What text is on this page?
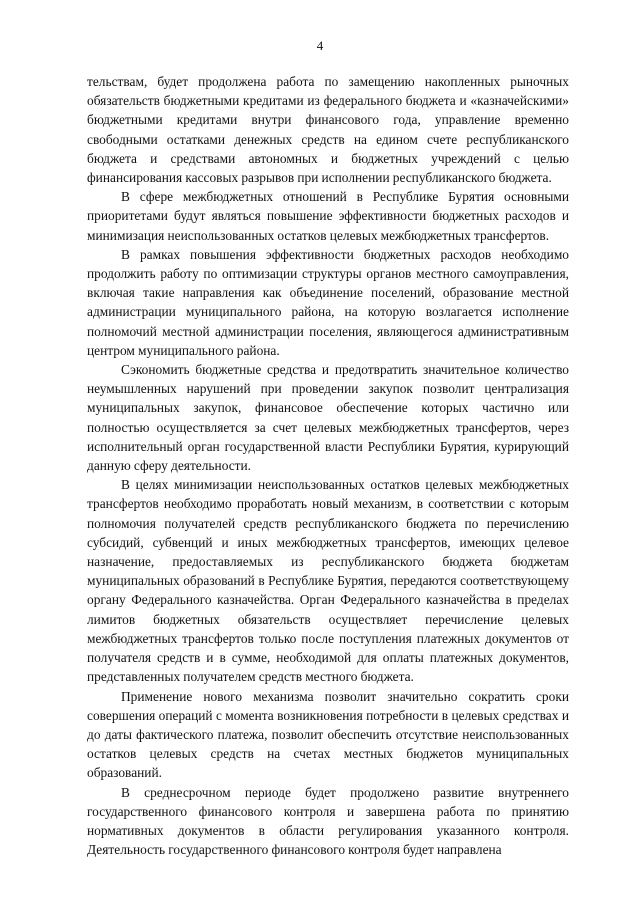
4

тельствам, будет продолжена работа по замещению накопленных рыночных обязательств бюджетными кредитами из федерального бюджета и «казначейскими» бюджетными кредитами внутри финансового года, управление временно свободными остатками денежных средств на едином счете республиканского бюджета и средствами автономных и бюджетных учреждений с целью финансирования кассовых разрывов при исполнении республиканского бюджета.

В сфере межбюджетных отношений в Республике Бурятия основными приоритетами будут являться повышение эффективности бюджетных расходов и минимизация неиспользованных остатков целевых межбюджетных трансфертов.

В рамках повышения эффективности бюджетных расходов необходимо продолжить работу по оптимизации структуры органов местного самоуправления, включая такие направления как объединение поселений, образование местной администрации муниципального района, на которую возлагается исполнение полномочий местной администрации поселения, являющегося административным центром муниципального района.

Сэкономить бюджетные средства и предотвратить значительное количество неумышленных нарушений при проведении закупок позволит централизация муниципальных закупок, финансовое обеспечение которых частично или полностью осуществляется за счет целевых межбюджетных трансфертов, через исполнительный орган государственной власти Республики Бурятия, курирующий данную сферу деятельности.

В целях минимизации неиспользованных остатков целевых межбюджетных трансфертов необходимо проработать новый механизм, в соответствии с которым полномочия получателей средств республиканского бюджета по перечислению субсидий, субвенций и иных межбюджетных трансфертов, имеющих целевое назначение, предоставляемых из республиканского бюджета бюджетам муниципальных образований в Республике Бурятия, передаются соответствующему органу Федерального казначейства. Орган Федерального казначейства в пределах лимитов бюджетных обязательств осуществляет перечисление целевых межбюджетных трансфертов только после поступления платежных документов от получателя средств и в сумме, необходимой для оплаты платежных документов, представленных получателем средств местного бюджета.

Применение нового механизма позволит значительно сократить сроки совершения операций с момента возникновения потребности в целевых средствах и до даты фактического платежа, позволит обеспечить отсутствие неиспользованных остатков целевых средств на счетах местных бюджетов муниципальных образований.

В среднесрочном периоде будет продолжено развитие внутреннего государственного финансового контроля и завершена работа по принятию нормативных документов в области регулирования указанного контроля. Деятельность государственного финансового контроля будет направлена
